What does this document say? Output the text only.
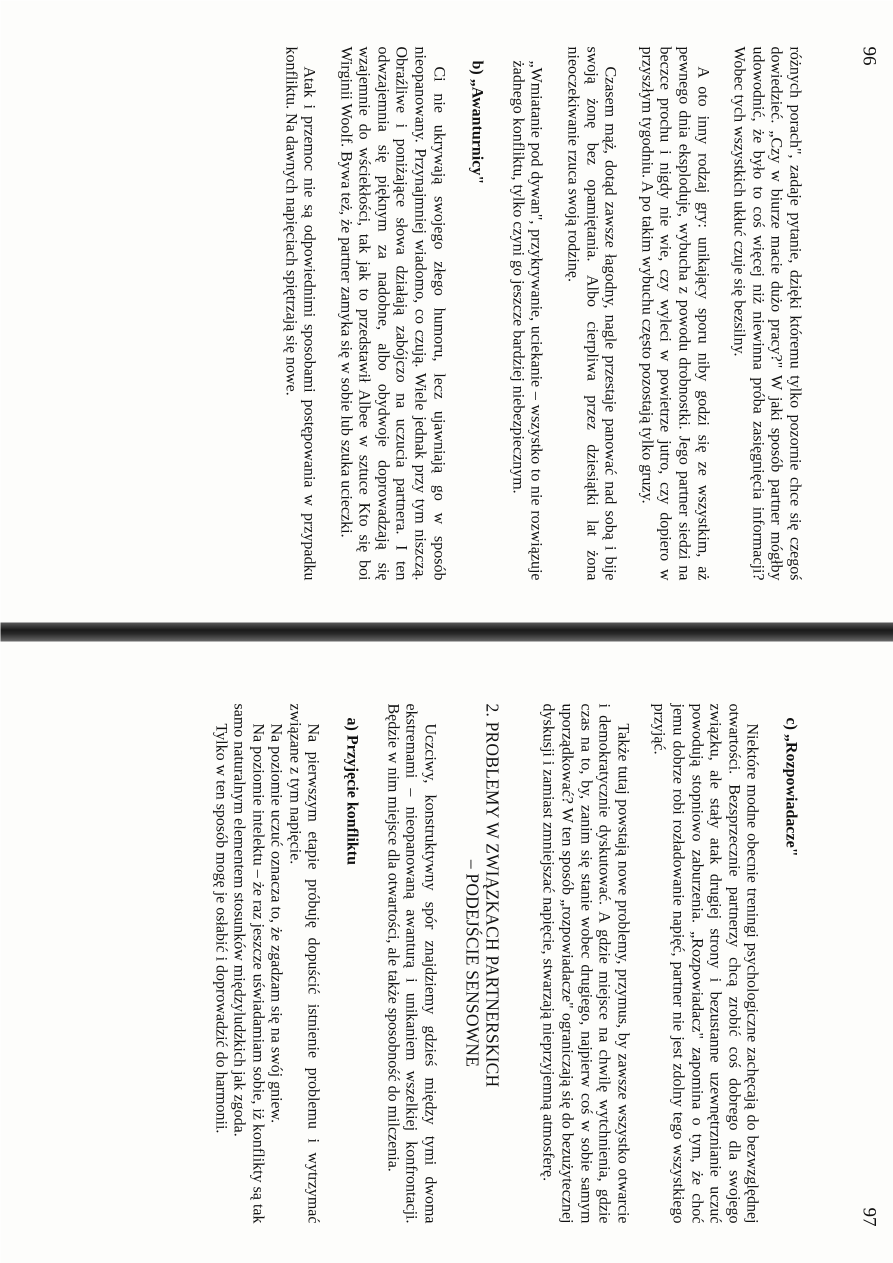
96

różnych porach", zadaje pytanie, dzięki któremu tylko pozornie chce się czegoś dowiedzieć. „Czy w biurze macie dużo pracy?" W jaki sposób partner mógłby udowodnić, że było to coś więcej niż niewinna próba zasięgnięcia informacji? Wobec tych wszystkich ukłuć czuje się bezsilny.

A oto inny rodzaj gry: unikający sporu niby godzi się ze wszystkim, aż pewnego dnia eksploduje, wybucha z powodu drobnostki. Jego partner siedzi na beczce prochu i nigdy nie wie, czy wyleci w powietrze jutro, czy dopiero w przyszłym tygodniu. A po takim wybuchu często pozostają tylko gruzy.

Czasem mąż, dotąd zawsze łagodny, nagle przestaje panować nad sobą i bije swoją żonę bez opamiętania. Albo cierpliwa przez dziesiątki lat żona nieoczekiwanie rzuca swoją rodzinę.

„Wmiatanie pod dywan", przykrywanie, uciekanie – wszystko to nie rozwiązuje żadnego konfliktu, tylko czyni go jeszcze bardziej niebezpiecznym.
b) „Awanturnicy"

Ci nie ukrywają swojego złego humoru, lecz ujawniają go w sposób nieopanowany. Przynajmniej wiadomo, co czują. Wiele jednak przy tym niszczą. Obraźliwe i poniżające słowa działają zabójczo na uczucia partnera. I ten odwzajemnia się pięknym za nadobne, albo obydwoje doprowadzają się wzajemnie do wściekłości, tak jak to przedstawił Albee w sztuce Kto się boi Wirginii Woolf. Bywa też, że partner zamyka się w sobie lub szuka ucieczki.

Atak i przemoc nie są odpowiednimi sposobami postępowania w przypadku konfliktu. Na dawnych napięciach spiętrzają się nowe.

97
c) „Rozpowiadacze"

Niektóre modne obecnie treningi psychologiczne zachęcają do bezwzględnej otwartości. Bezsprzecznie partnerzy chcą zrobić coś dobrego dla swojego związku, ale stały atak drugiej strony i bezustanne uzewnętrznianie uczuć powodują stopniowo zaburzenia. „Rozpowiadacz" zapomina o tym, że choć jemu dobrze robi rozładowanie napięć, partner nie jest zdolny tego wszystkiego przyjąć.

Także tutaj powstają nowe problemy, przymus, by zawsze wszystko otwarcie i demokratycznie dyskutować. A gdzie miejsce na chwilę wytchnienia, gdzie czas na to, by, zanim się stanie wobec drugiego, najpierw coś w sobie samym uporządkować? W ten sposób „rozpowiadacze" ograniczają się do bezużytecznej dyskusji i zamiast zmniejszać napięcie, stwarzają nieprzyjemną atmosferę.

2. PROBLEMY W ZWIĄZKACH PARTNERSKICH
– PODEJŚCIE SENSOWNE

Uczciwy, konstruktywny spór znajdziemy gdzieś między tymi dwoma ekstremami – nieopanowaną awanturą i unikaniem wszelkiej konfrontacji. Będzie w nim miejsce dla otwartości, ale także sposobność do milczenia.

a) Przyjęcie konfliktu

Na pierwszym etapie próbuję dopuścić istnienie problemu i wytrzymać związane z tym napięcie.

Na poziomie uczuć oznacza to, że zgadzam się na swój gniew.

Na poziomie intelektu – że raz jeszcze uświadamiam sobie, iż konflikty są tak samo naturalnym elementem stosunków międzyludzkich jak zgoda.

Tylko w ten sposób mogę je osłabić i doprowadzić do harmonii.
